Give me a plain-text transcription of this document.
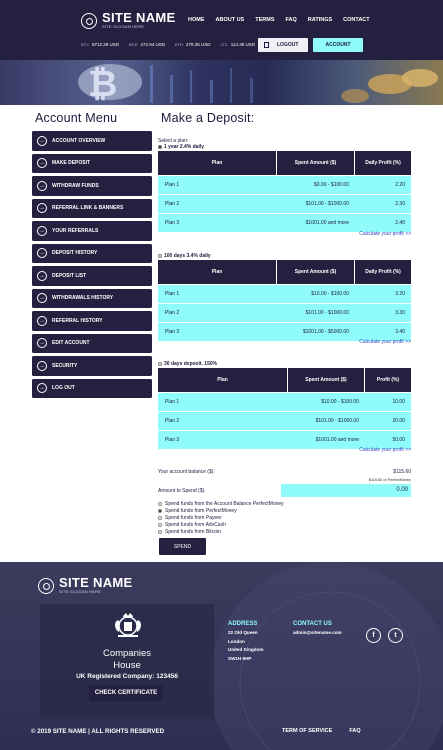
SITE NAME
SITE SLOGAN HERE
HOME ABOUT US TERMS FAQ RATINGS CONTACT
BTC 8712.28 USD	BCH 472.94 USD	ETH 278.35 USD	LTC 114.36 USD	LOGOUT	ACCOUNT
₿
Account Menu
→	ACCOUNT OVERVIEW
→	MAKE DEPOSIT
→	WITHDRAW FUNDS
→	REFERRAL LINK & BANNERS
→	YOUR REFERRALS
→	DEPOSIT HISTORY
→	DEPOSIT LIST
→	WITHDRAWALS HISTORY
→	REFERRAL HISTORY
→	EDIT ACCOUNT
→	SECURITY
→	LOG OUT
Make a Deposit:
Select a plan:
1 year 2.4% daily
Plan	Spent Amount ($)	Daily Profit (%)
Plan 1	$0.00 - $100.00	2.20
Plan 2	$101.00 - $1000.00	2.30
Plan 3	$1001.00 and more	2.40
Calculate your profit >>
100 days 3.4% daily
Plan	Spent Amount ($)	Daily Profit (%)
Plan 1	$10.00 - $100.00	3.20
Plan 2	$101.00 - $1000.00	3.30
Plan 3	$1001.00 - $5000.00	3.40
Calculate your profit >>
30 days deposit. 150%
Plan	Spent Amount ($)	Profit (%)
Plan 1	$10.00 - $100.00	10.00
Plan 2	$101.00 - $1000.00	20.00
Plan 3	$1001.00 and more	50.00
Calculate your profit >>
Your account balance ($):	$115.60
$115.60 of PerfectMoney
Amount to Spend ($):	0.00
Spend funds from the Account Balance PerfectMoney
Spend funds from PerfectMoney
Spend funds from Payeer
Spend funds from AdvCash
Spend funds from Bitcoin
SPEND
SITE NAME
SITE SLOGAN HERE
Companies
House
UK Registered Company: 123456
CHECK CERTIFICATE
ADDRESS
22 Old Queen
London
United Kingdom
SW1H 9HP
CONTACT US
admin@sitename.com	f	t
© 2019 SITE NAME | ALL RIGHTS RESERVED	TERM OF SERVICE	FAQ
